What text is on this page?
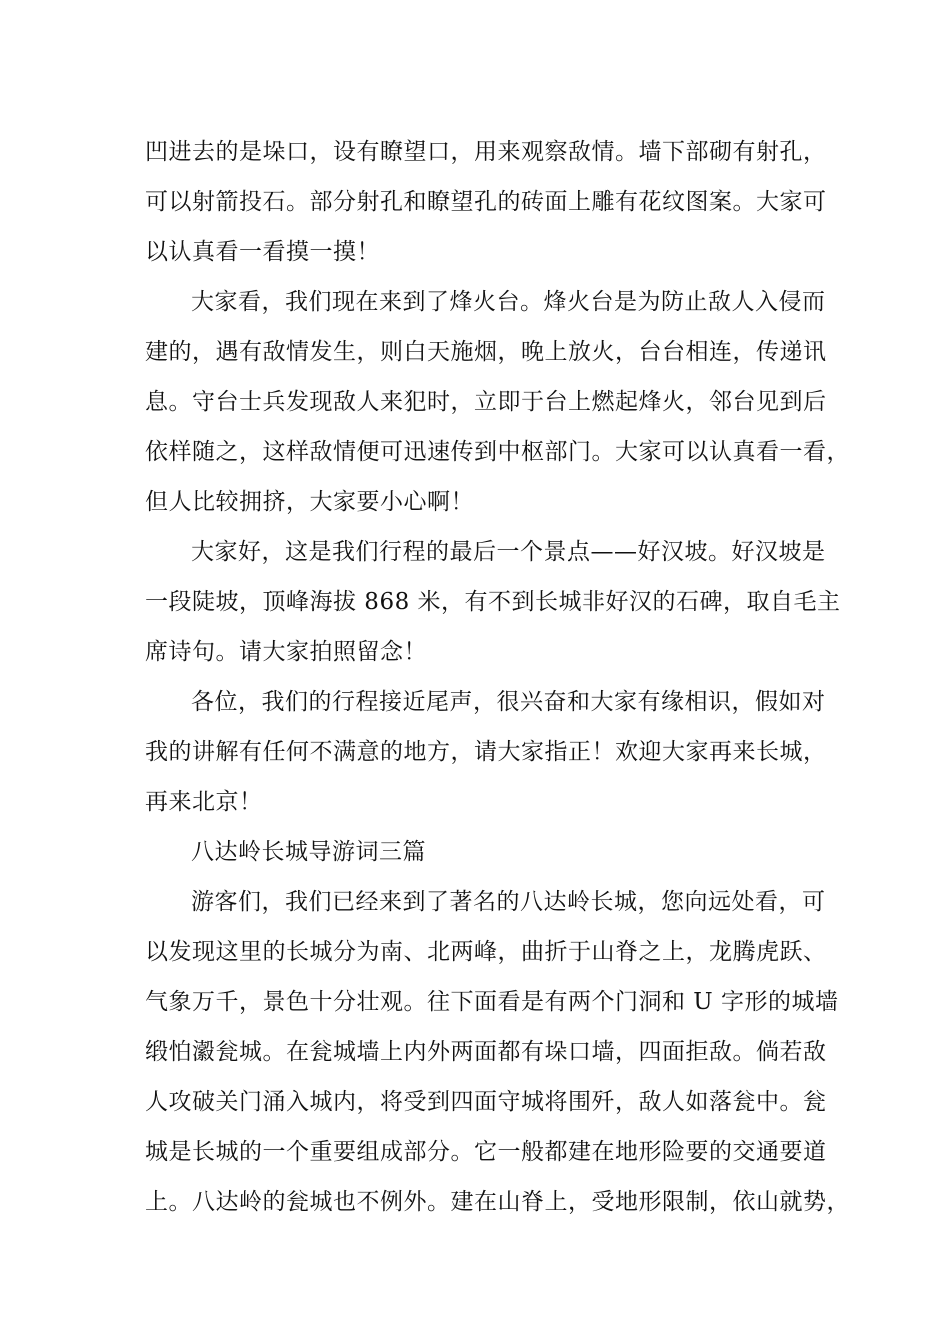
凹进去的是垛口，设有瞭望口，用来观察敌情。墙下部砌有射孔，
可以射箭投石。部分射孔和瞭望孔的砖面上雕有花纹图案。大家可
以认真看一看摸一摸！

大家看，我们现在来到了烽火台。烽火台是为防止敌人入侵而
建的，遇有敌情发生，则白天施烟，晚上放火，台台相连，传递讯
息。守台士兵发现敌人来犯时，立即于台上燃起烽火，邻台见到后
依样随之，这样敌情便可迅速传到中枢部门。大家可以认真看一看，
但人比较拥挤，大家要小心啊！

大家好，这是我们行程的最后一个景点——好汉坡。好汉坡是
一段陡坡，顶峰海拔 868 米，有不到长城非好汉的石碑，取自毛主
席诗句。请大家拍照留念！

各位，我们的行程接近尾声，很兴奋和大家有缘相识，假如对
我的讲解有任何不满意的地方，请大家指正！欢迎大家再来长城，
再来北京！

八达岭长城导游词三篇

游客们，我们已经来到了著名的八达岭长城，您向远处看，可
以发现这里的长城分为南、北两峰，曲折于山脊之上，龙腾虎跃、
气象万千，景色十分壮观。往下面看是有两个门洞和 U 字形的城墙
缎怕瀫瓮城。在瓮城墙上内外两面都有垛口墙，四面拒敌。倘若敌
人攻破关门涌入城内，将受到四面守城将围歼，敌人如落瓮中。瓮
城是长城的一个重要组成部分。它一般都建在地形险要的交通要道
上。八达岭的瓮城也不例外。建在山脊上，受地形限制，依山就势，
